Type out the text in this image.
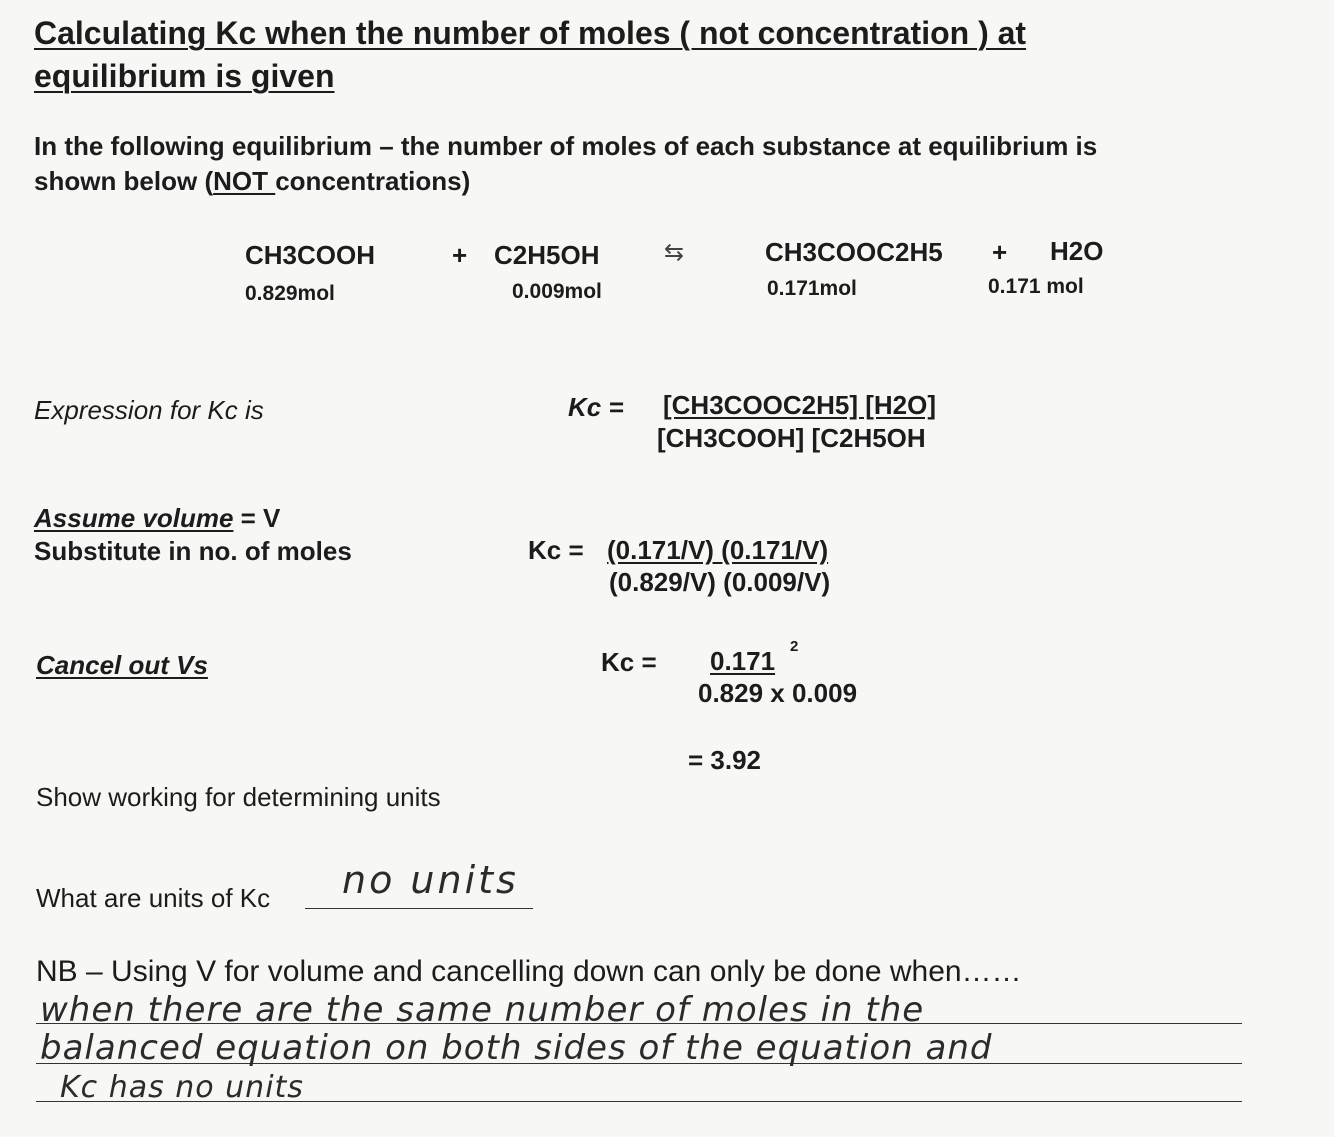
Calculating Kc when the number of moles ( not concentration ) at
equilibrium is given
In the following equilibrium – the number of moles of each substance at equilibrium is
shown below (NOT concentrations)
CH3COOH	+ C2H5OH	⇆	CH3COOC2H5 + H2O
0.829mol	0.009mol	0.171mol	0.171 mol
Expression for Kc is	Kc = [CH3COOC2H5] [H2O]
[CH3COOH] [C2H5OH
Assume volume = V
Substitute in no. of moles	Kc = (0.171/V) (0.171/V)
(0.829/V) (0.009/V)
Cancel out Vs	Kc = 0.171 2
0.829 x 0.009
= 3.92
Show working for determining units
What are units of Kc no units
NB – Using V for volume and cancelling down can only be done when……
when there are the same number of moles in the
balanced equation on both sides of the equation and
Kc has no units
